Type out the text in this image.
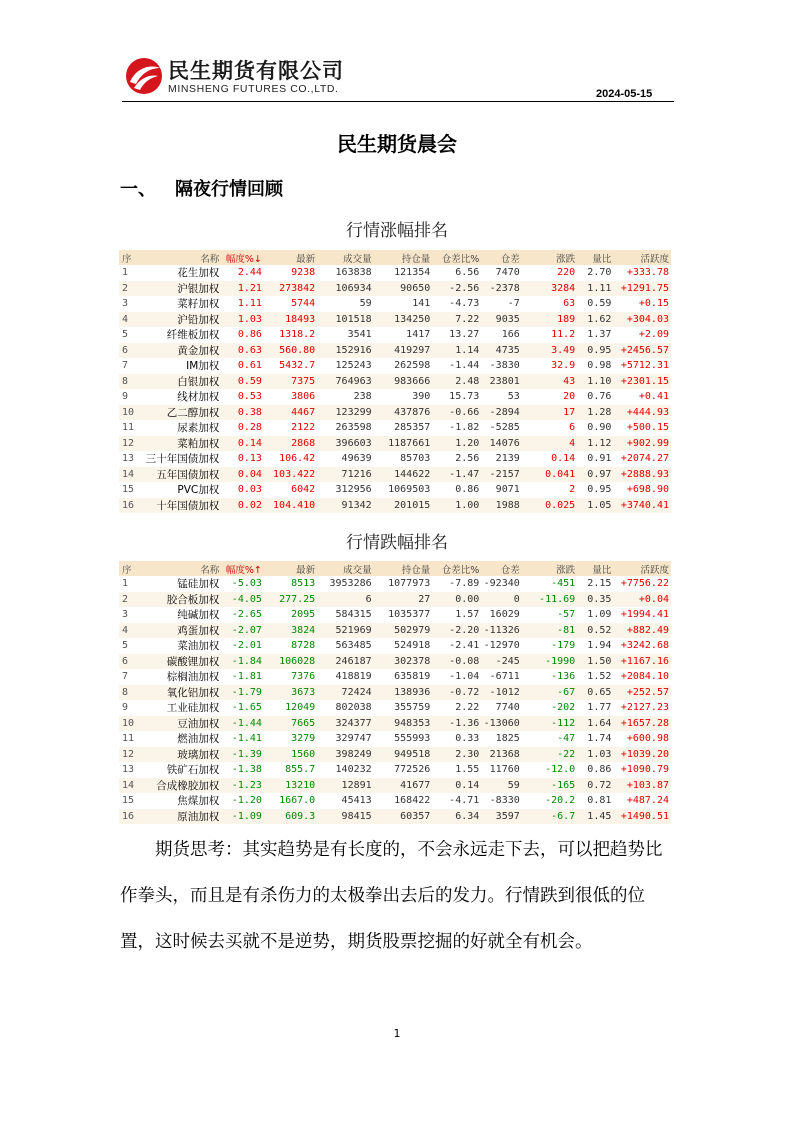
民生期货有限公司
MINSHENG FUTURES CO.,LTD.	2024-05-15
民生期货晨会
一、 隔夜行情回顾
行情涨幅排名
序	名称	幅度%↓	最新	成交量	持仓量	仓差比%	仓差	涨跌	量比	活跃度
1	花生加权	2.44	9238	163838	121354	6.56	7470	220	2.70	+333.78
2	沪银加权	1.21	273842	106934	90650	-2.56	-2378	3284	1.11	+1291.75
3	菜籽加权	1.11	5744	59	141	-4.73	-7	63	0.59	+0.15
4	沪铅加权	1.03	18493	101518	134250	7.22	9035	189	1.62	+304.03
5	纤维板加权	0.86	1318.2	3541	1417	13.27	166	11.2	1.37	+2.09
6	黄金加权	0.63	560.80	152916	419297	1.14	4735	3.49	0.95	+2456.57
7	IM加权	0.61	5432.7	125243	262598	-1.44	-3830	32.9	0.98	+5712.31
8	白银加权	0.59	7375	764963	983666	2.48	23801	43	1.10	+2301.15
9	线材加权	0.53	3806	238	390	15.73	53	20	0.76	+0.41
10	乙二醇加权	0.38	4467	123299	437876	-0.66	-2894	17	1.28	+444.93
11	尿素加权	0.28	2122	263598	285357	-1.82	-5285	6	0.90	+500.15
12	菜粕加权	0.14	2868	396603	1187661	1.20	14076	4	1.12	+902.99
13	三十年国债加权	0.13	106.42	49639	85703	2.56	2139	0.14	0.91	+2074.27
14	五年国债加权	0.04	103.422	71216	144622	-1.47	-2157	0.041	0.97	+2888.93
15	PVC加权	0.03	6042	312956	1069503	0.86	9071	2	0.95	+698.90
16	十年国债加权	0.02	104.410	91342	201015	1.00	1988	0.025	1.05	+3740.41
行情跌幅排名
序	名称	幅度%↑	最新	成交量	持仓量	仓差比%	仓差	涨跌	量比	活跃度
1	锰硅加权	-5.03	8513	3953286	1077973	-7.89	-92340	-451	2.15	+7756.22
2	胶合板加权	-4.05	277.25	6	27	0.00	0	-11.69	0.35	+0.04
3	纯碱加权	-2.65	2095	584315	1035377	1.57	16029	-57	1.09	+1994.41
4	鸡蛋加权	-2.07	3824	521969	502979	-2.20	-11326	-81	0.52	+882.49
5	菜油加权	-2.01	8728	563485	524918	-2.41	-12970	-179	1.94	+3242.68
6	碳酸锂加权	-1.84	106028	246187	302378	-0.08	-245	-1990	1.50	+1167.16
7	棕榈油加权	-1.81	7376	418819	635819	-1.04	-6711	-136	1.52	+2084.10
8	氧化铝加权	-1.79	3673	72424	138936	-0.72	-1012	-67	0.65	+252.57
9	工业硅加权	-1.65	12049	802038	355759	2.22	7740	-202	1.77	+2127.23
10	豆油加权	-1.44	7665	324377	948353	-1.36	-13060	-112	1.64	+1657.28
11	燃油加权	-1.41	3279	329747	555993	0.33	1825	-47	1.74	+600.98
12	玻璃加权	-1.39	1560	398249	949518	2.30	21368	-22	1.03	+1039.20
13	铁矿石加权	-1.38	855.7	140232	772526	1.55	11760	-12.0	0.86	+1090.79
14	合成橡胶加权	-1.23	13210	12891	41677	0.14	59	-165	0.72	+103.87
15	焦煤加权	-1.20	1667.0	45413	168422	-4.71	-8330	-20.2	0.81	+487.24
16	原油加权	-1.09	609.3	98415	60357	6.34	3597	-6.7	1.45	+1490.51
期货思考：其实趋势是有长度的，不会永远走下去，可以把趋势比作拳头，而且是有杀伤力的太极拳出去后的发力。行情跌到很低的位置，这时候去买就不是逆势，期货股票挖掘的好就全有机会。
1
